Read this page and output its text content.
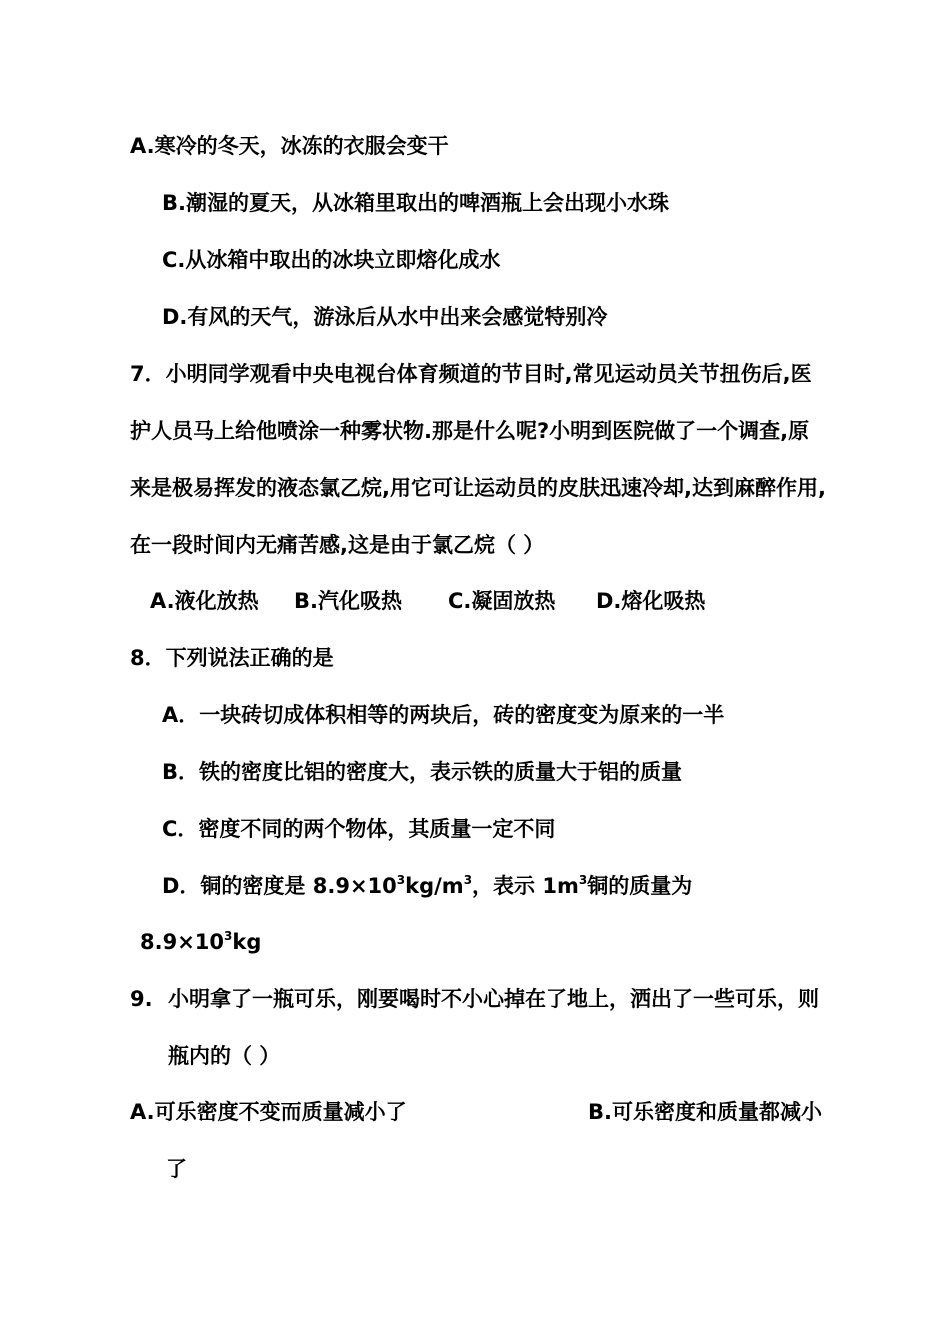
A.寒冷的冬天，冰冻的衣服会变干
B.潮湿的夏天，从冰箱里取出的啤酒瓶上会出现小水珠
C.从冰箱中取出的冰块立即熔化成水
D.有风的天气，游泳后从水中出来会感觉特别冷
7．小明同学观看中央电视台体育频道的节目时,常见运动员关节扭伤后,医
护人员马上给他喷涂一种雾状物.那是什么呢?小明到医院做了一个调查,原
来是极易挥发的液态氯乙烷,用它可让运动员的皮肤迅速冷却,达到麻醉作用,
在一段时间内无痛苦感,这是由于氯乙烷（ ）
A.液化放热 B.汽化吸热 C.凝固放热 D.熔化吸热
8．下列说法正确的是
A．一块砖切成体积相等的两块后，砖的密度变为原来的一半
B．铁的密度比铝的密度大，表示铁的质量大于铝的质量
C．密度不同的两个物体，其质量一定不同
D．铜的密度是 $8.9\times 10^3kg/m^3$，表示 $1m^3$铜的质量为
$8.9\times 10^3kg$
9. 小明拿了一瓶可乐，刚要喝时不小心掉在了地上，洒出了一些可乐，则
瓶内的（ ）
A.可乐密度不变而质量减小了	B.可乐密度和质量都减小
了
